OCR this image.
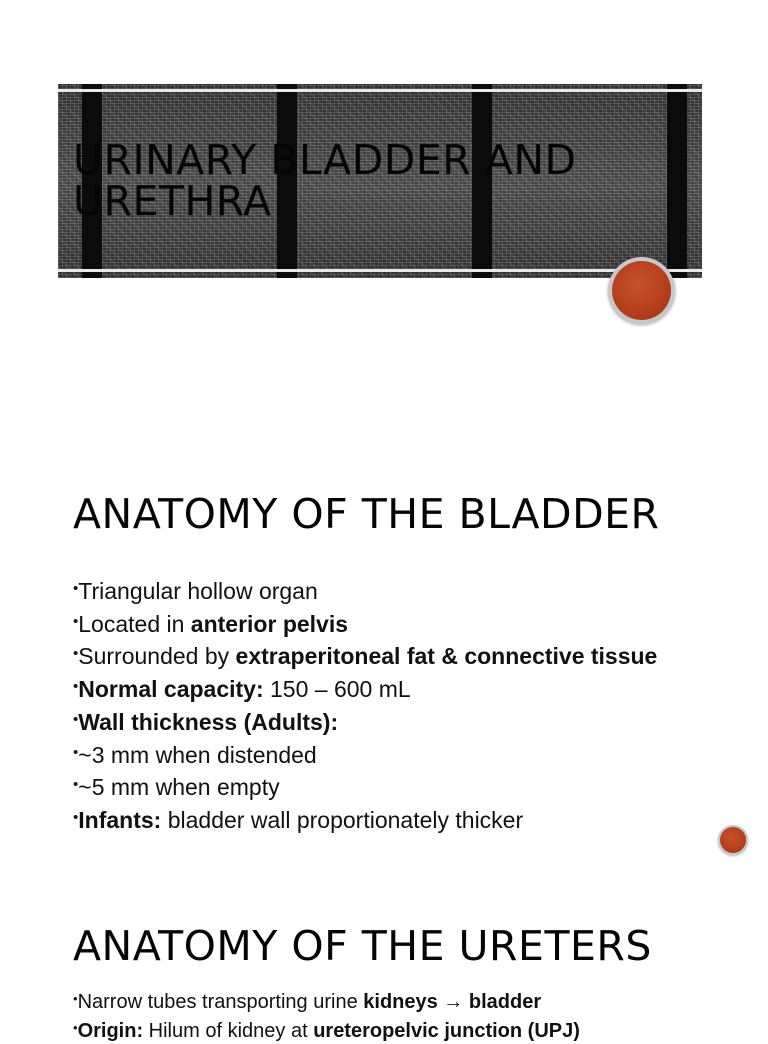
URINARY BLADDER AND URETHRA
ANATOMY OF THE BLADDER
•Triangular hollow organ
•Located in anterior pelvis
•Surrounded by extraperitoneal fat & connective tissue
•Normal capacity: 150 – 600 mL
•Wall thickness (Adults):
•~3 mm when distended
•~5 mm when empty
•Infants: bladder wall proportionately thicker
ANATOMY OF THE URETERS
•Narrow tubes transporting urine kidneys → bladder
•Origin: Hilum of kidney at ureteropelvic junction (UPJ)
